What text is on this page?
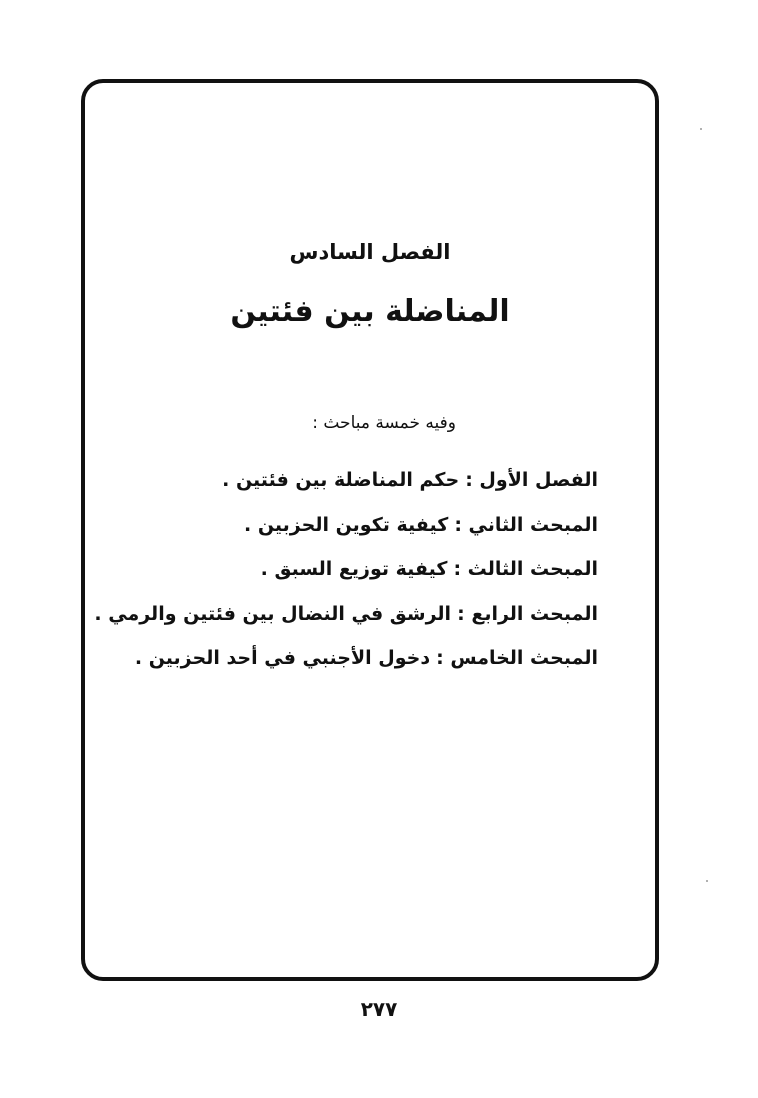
الفصل السادس
المناضلة بين فئتين
وفيه خمسة مباحث :
الفصل الأول : حكم المناضلة بين فئتين .
المبحث الثاني : كيفية تكوين الحزبين .
المبحث الثالث : كيفية توزيع السبق .
المبحث الرابع : الرشق في النضال بين فئتين والرمي .
المبحث الخامس : دخول الأجنبي في أحد الحزبين .
٢٧٧
